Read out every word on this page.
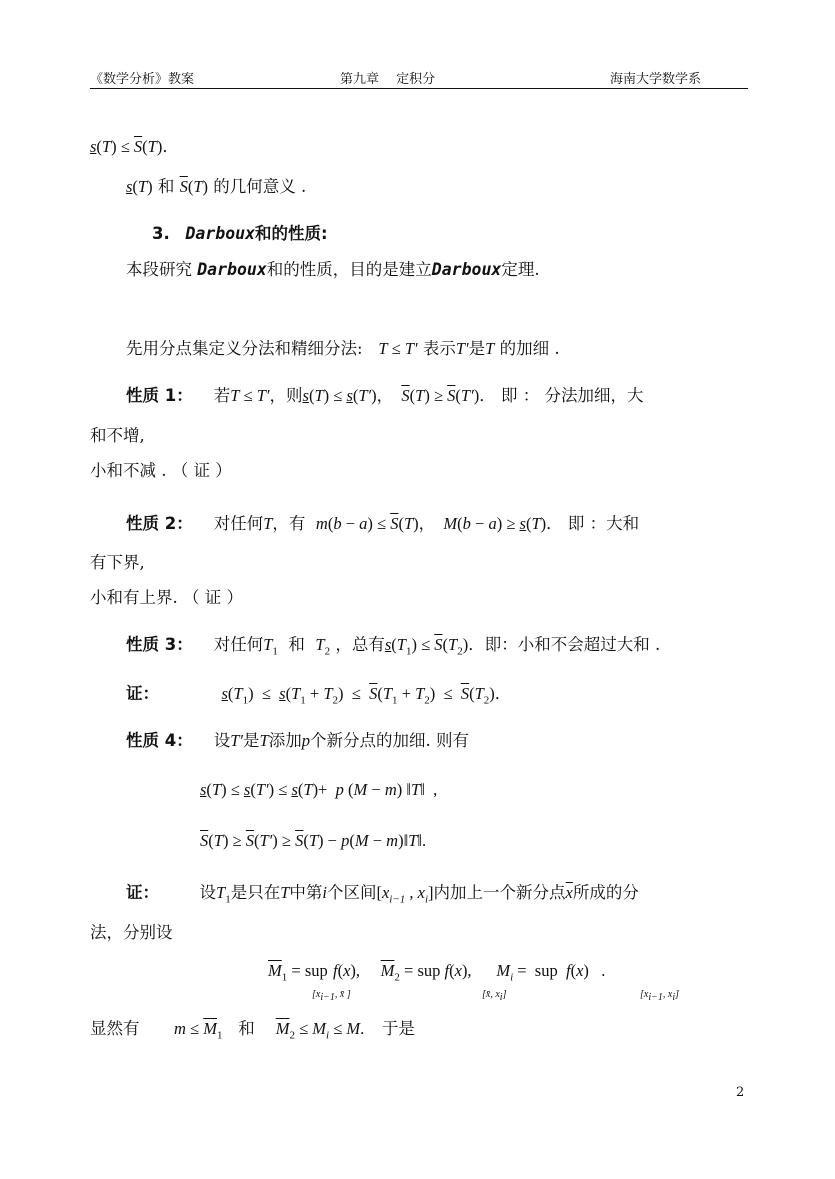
《数学分析》教案	第九章　 定积分	海南大学数学系
$s(T) \le \overline{S}(T)$．
s(T) 和 $\overline{S}(T)$ 的几何意义 .
3. Darboux和的性质:
本段研究 Darboux和的性质，目的是建立Darboux定理.
先用分点集定义分法和精细分法: T ≤ T′ 表示T′是T 的加细 .
性质 1： 若T ≤ T′，则s(T) ≤ s(T′)，  $\overline{S}(T) \ge \overline{S}(T')$． 即 ： 分法加细，大
和不增,
小和不减 . （ 证 ）
性质 2： 对任何T，有 $m(b - a) \le \overline{S}(T)$，  M(b − a) ≥ s(T)． 即 ：大和
有下界,
小和有上界. （ 证 ）
性质 3： 对任何$T_1$ 和 $T_2$ ，总有$s(T_1) \le \overline{S}(T_2)$．即：小和不会超过大和 .
证：	$s(T_1) \le s(T_1 + T_2) \le \overline{S}(T_1 + T_2) \le \overline{S}(T_2)$．
性质 4： 设T′是T添加p个新分点的加细. 则有
s(T) ≤ s(T′) ≤ s(T)+  p (M − m) ‖T‖  ,
$\overline{S}(T) \ge \overline{S}(T') \ge \overline{S}(T) - p(M$ − m)‖T‖.
证： 设$T_1$是只在T中第i个区间[$x_{i-1}$ , $x_i$]内加上一个新分点$\overline{x}$所成的分
法，分别设
$\overline{M}_1$ = sup f(x),     $\overline{M}_2$ = sup f(x),      $M_i$ =  sup  f(x)   .
[$x_{i-1}$, x̄ ]	[x̄, $x_i$]	[$x_{i-1}$, $x_i$]
显然有 $m \le \overline{M}_1$ 和 $\overline{M}_2 \le M_i \le M$.    于是
2
